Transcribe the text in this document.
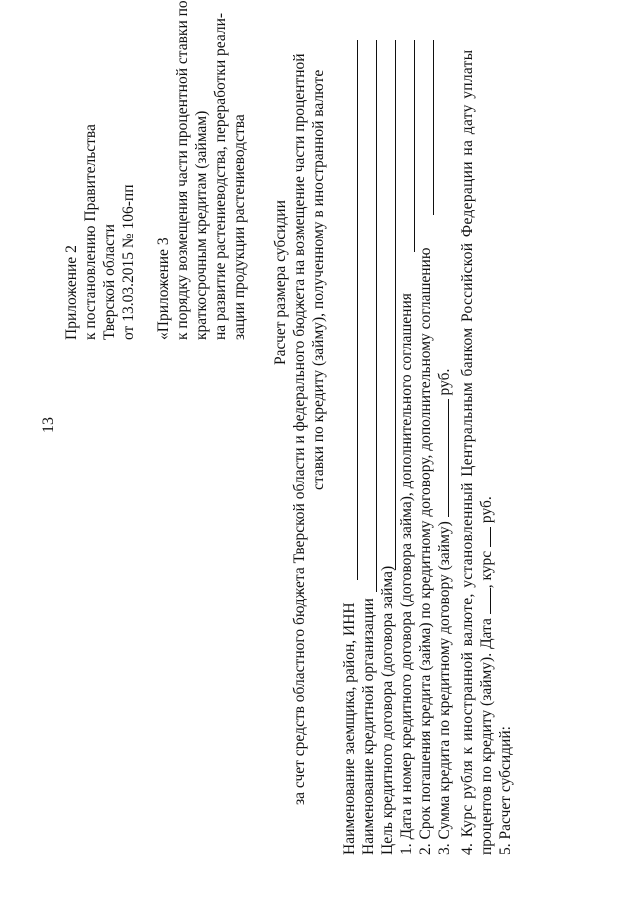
13
Приложение 2 к постановлению Правительства Тверской области от 13.03.2015 № 106-пп «Приложение 3 к порядку возмещения части процентной ставки по краткосрочным кредитам (займам) на развитие растениеводства, переработки реали- зации продукции растениеводства Расчет размера субсидии за счет средств областного бюджета Тверской области и федерального бюджета на возмещение части процентной ставки по кредиту (займу), полученному в иностранной валюте
Наименование заемщика, район, ИНН Наименование кредитной организации Цель кредитного договора (договора займа) 1. Дата и номер кредитного договора (договора займа), дополнительного соглашения 2. Срок погашения кредита (займа) по кредитному договору, дополнительному соглашению 3. Сумма кредита по кредитному договору (займу)  руб. 4. Курс рубля к иностранной валюте, установленный Центральным банком Российской Федерации на дату уплаты процентов по кредиту (займу). Дата , курс  руб.
5. Расчет субсидий:
